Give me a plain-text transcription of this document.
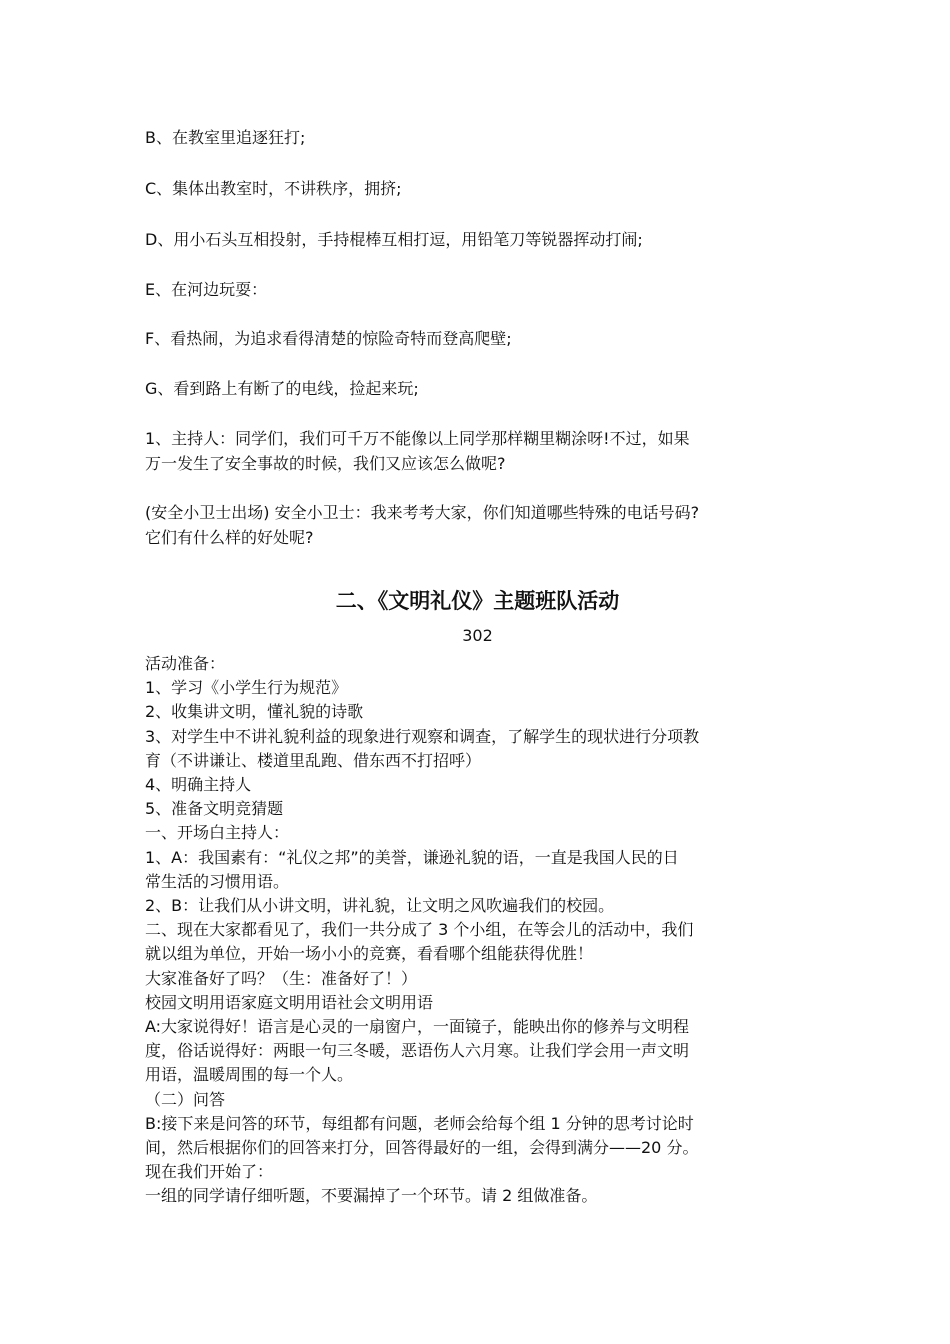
B、在教室里追逐狂打;

C、集体出教室时，不讲秩序，拥挤;

D、用小石头互相投射，手持棍棒互相打逗，用铅笔刀等锐器挥动打闹;

E、在河边玩耍：

F、看热闹，为追求看得清楚的惊险奇特而登高爬壁;

G、看到路上有断了的电线，捡起来玩;

1、主持人：同学们，我们可千万不能像以上同学那样糊里糊涂呀!不过，如果

万一发生了安全事故的时候，我们又应该怎么做呢?

(安全小卫士出场) 安全小卫士：我来考考大家，你们知道哪些特殊的电话号码?

它们有什么样的好处呢?

二、《文明礼仪》主题班队活动

302

活动准备：

1、学习《小学生行为规范》

2、收集讲文明，懂礼貌的诗歌

3、对学生中不讲礼貌利益的现象进行观察和调查，了解学生的现状进行分项教

育（不讲谦让、楼道里乱跑、借东西不打招呼）

4、明确主持人

5、准备文明竞猜题

一、开场白主持人：

1、A：我国素有：“礼仪之邦”的美誉，谦逊礼貌的语，一直是我国人民的日

常生活的习惯用语。

2、B：让我们从小讲文明，讲礼貌，让文明之风吹遍我们的校园。

二、现在大家都看见了，我们一共分成了 3 个小组，在等会儿的活动中，我们

就以组为单位，开始一场小小的竞赛，看看哪个组能获得优胜！

大家准备好了吗？（生：准备好了！）

校园文明用语家庭文明用语社会文明用语

A:大家说得好！语言是心灵的一扇窗户，一面镜子，能映出你的修养与文明程

度，俗话说得好：两眼一句三冬暖，恶语伤人六月寒。让我们学会用一声文明

用语，温暖周围的每一个人。

（二）问答

B:接下来是问答的环节，每组都有问题，老师会给每个组 1 分钟的思考讨论时

间，然后根据你们的回答来打分，回答得最好的一组，会得到满分——20 分。

现在我们开始了：

一组的同学请仔细听题，不要漏掉了一个环节。请 2 组做准备。
